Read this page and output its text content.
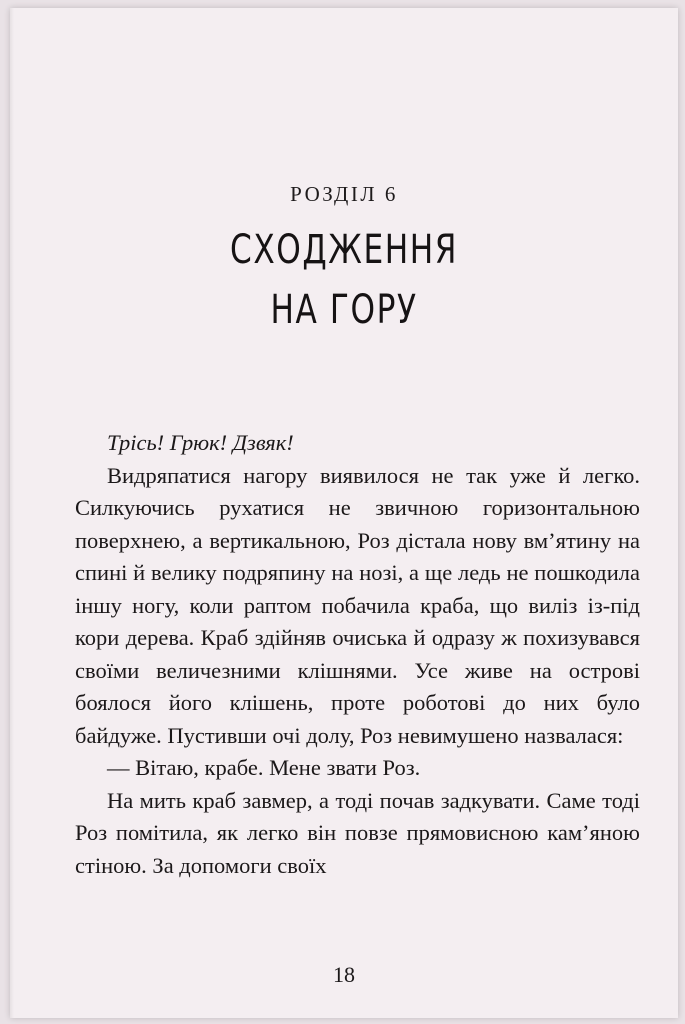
РОЗДІЛ 6
СХОДЖЕННЯ
НА ГОРУ

Тріcь! Грюк! Дзвяк!

Видряпатися нагору виявилося не так уже й легко. Силкуючись рухатися не звичною горизонтальною поверхнею, а вертикальною, Роз дістала нову вм’ятину на спині й велику подряпину на нозі, а ще ледь не пошкодила іншу ногу, коли раптом побачила краба, що виліз із-під кори дерева. Краб здійняв очиська й одразу ж похизувався своїми величезними клішнями. Усе живе на острові боялося його клішень, проте роботові до них було байдуже. Пустивши очі долу, Роз невимушено назвалася:

— Вітаю, крабе. Мене звати Роз.

На мить краб завмер, а тоді почав задкувати. Саме тоді Роз помітила, як легко він повзе прямовисною кам’яною стіною. За допомоги своїх

18
